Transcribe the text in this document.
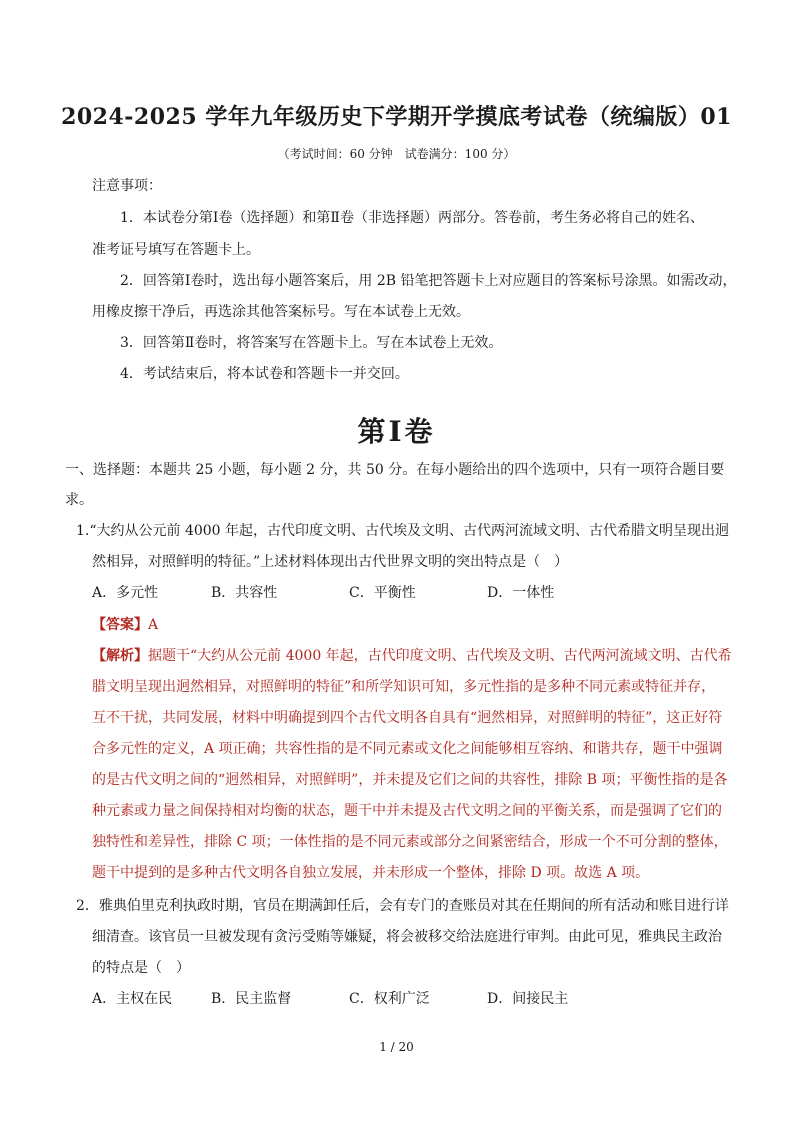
2024-2025 学年九年级历史下学期开学摸底考试卷（统编版）01
（考试时间：60 分钟　试卷满分：100 分）
注意事项：
1．本试卷分第Ⅰ卷（选择题）和第Ⅱ卷（非选择题）两部分。答卷前，考生务必将自己的姓名、
准考证号填写在答题卡上。
2．回答第Ⅰ卷时，选出每小题答案后，用 2B 铅笔把答题卡上对应题目的答案标号涂黑。如需改动，
用橡皮擦干净后，再选涂其他答案标号。写在本试卷上无效。
3．回答第Ⅱ卷时，将答案写在答题卡上。写在本试卷上无效。
4．考试结束后，将本试卷和答题卡一并交回。
第Ⅰ卷
一、选择题：本题共 25 小题，每小题 2 分，共 50 分。在每小题给出的四个选项中，只有一项符合题目要
求。
1.“大约从公元前 4000 年起，古代印度文明、古代埃及文明、古代两河流域文明、古代希腊文明呈现出迥
然相异，对照鲜明的特征。”上述材料体现出古代世界文明的突出特点是（　）
A．多元性	B．共容性	C．平衡性	D．一体性
【答案】A
【解析】据题干“大约从公元前 4000 年起，古代印度文明、古代埃及文明、古代两河流域文明、古代希
腊文明呈现出迥然相异，对照鲜明的特征”和所学知识可知，多元性指的是多种不同元素或特征并存，
互不干扰，共同发展，材料中明确提到四个古代文明各自具有“迥然相异，对照鲜明的特征”，这正好符
合多元性的定义，A 项正确；共容性指的是不同元素或文化之间能够相互容纳、和谐共存，题干中强调
的是古代文明之间的“迥然相异，对照鲜明”，并未提及它们之间的共容性，排除 B 项；平衡性指的是各
种元素或力量之间保持相对均衡的状态，题干中并未提及古代文明之间的平衡关系，而是强调了它们的
独特性和差异性，排除 C 项；一体性指的是不同元素或部分之间紧密结合，形成一个不可分割的整体，
题干中提到的是多种古代文明各自独立发展，并未形成一个整体，排除 D 项。故选 A 项。
2．雅典伯里克利执政时期，官员在期满卸任后，会有专门的查账员对其在任期间的所有活动和账目进行详
细清查。该官员一旦被发现有贪污受贿等嫌疑，将会被移交给法庭进行审判。由此可见，雅典民主政治
的特点是（　）
A．主权在民	B．民主监督	C．权利广泛	D．间接民主
1 / 20
